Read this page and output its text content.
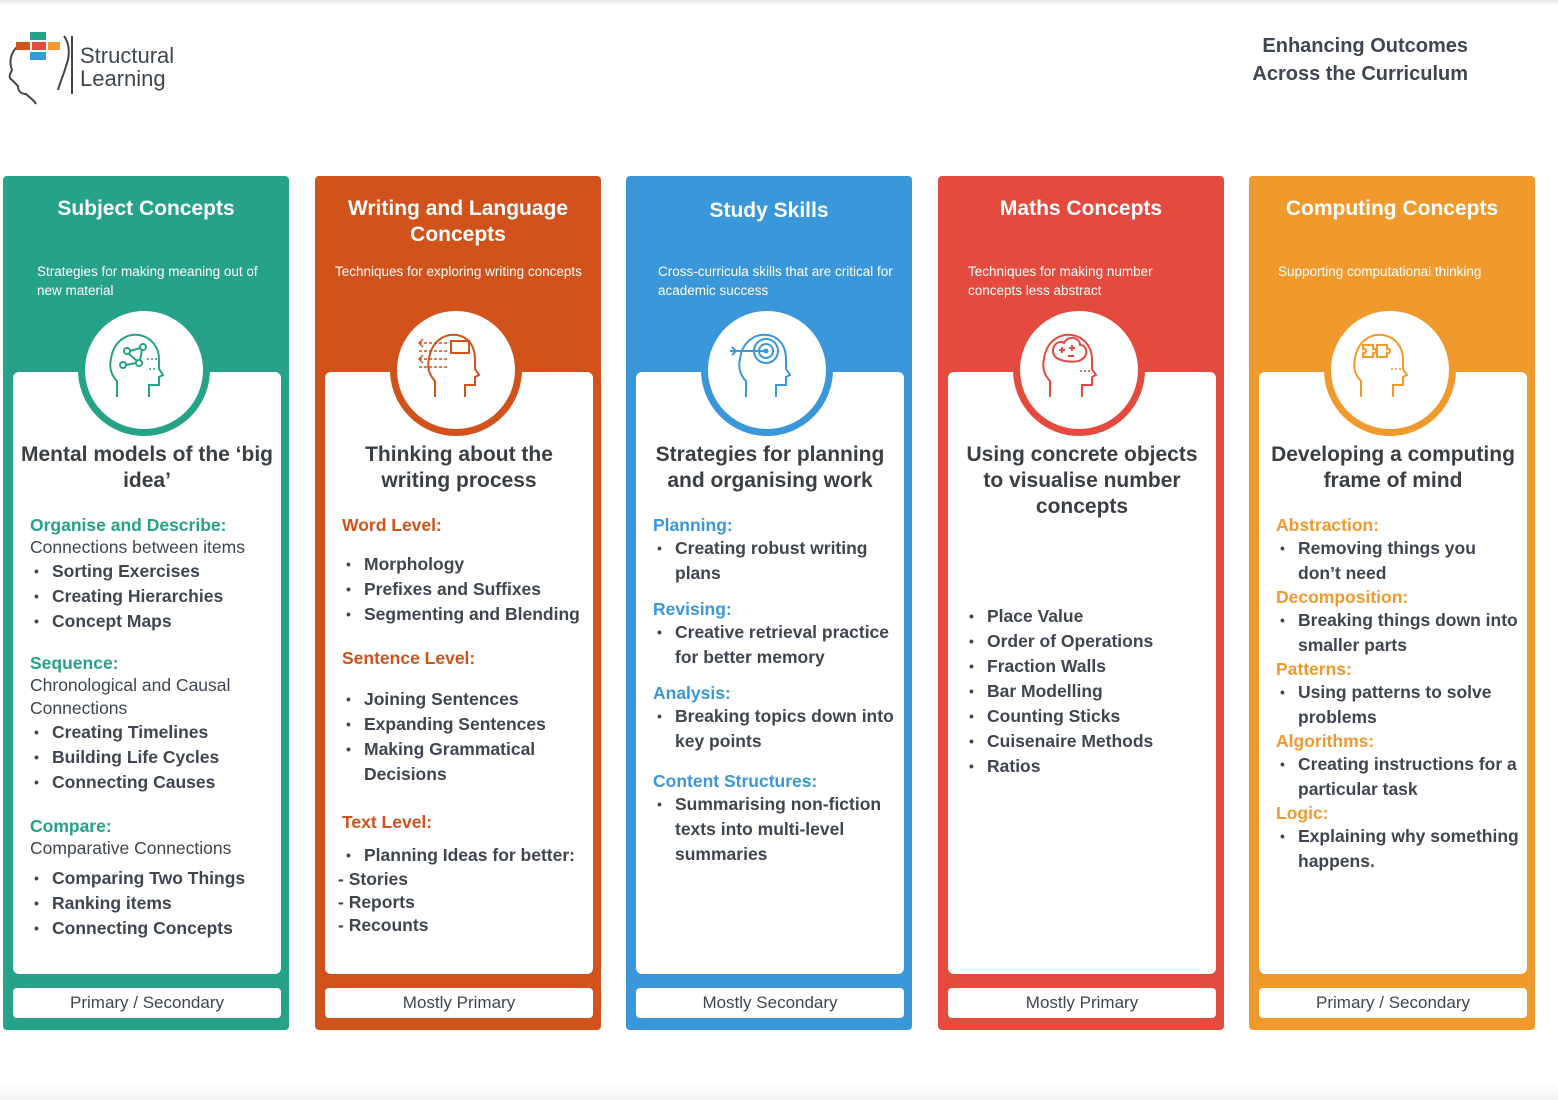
Structural
Learning
Enhancing Outcomes
Across the Curriculum
Subject Concepts
Strategies for making meaning out of new material
Mental models of the ‘big idea’
Organise and Describe:
Connections between items
• Sorting Exercises
• Creating Hierarchies
• Concept Maps
Sequence:
Chronological and Causal Connections
• Creating Timelines
• Building Life Cycles
• Connecting Causes
Compare:
Comparative Connections
• Comparing Two Things
• Ranking items
• Connecting Concepts
Primary / Secondary
Writing and Language Concepts
Techniques for exploring writing concepts
Thinking about the writing process
Word Level:
• Morphology
• Prefixes and Suffixes
• Segmenting and Blending
Sentence Level:
• Joining Sentences
• Expanding Sentences
• Making Grammatical Decisions
Text Level:
• Planning Ideas for better:
- Stories
- Reports
- Recounts
Mostly Primary
Study Skills
Cross-curricula skills that are critical for academic success
Strategies for planning and organising work
Planning:
• Creating robust writing plans
Revising:
• Creative retrieval practice for better memory
Analysis:
• Breaking topics down into key points
Content Structures:
• Summarising non-fiction texts into multi-level summaries
Mostly Secondary
Maths Concepts
Techniques for making number concepts less abstract
Using concrete objects to visualise number concepts
• Place Value
• Order of Operations
• Fraction Walls
• Bar Modelling
• Counting Sticks
• Cuisenaire Methods
• Ratios
Mostly Primary
Computing Concepts
Supporting computational thinking
Developing a computing frame of mind
Abstraction:
• Removing things you don’t need
Decomposition:
• Breaking things down into smaller parts
Patterns:
• Using patterns to solve problems
Algorithms:
• Creating instructions for a particular task
Logic:
• Explaining why something happens.
Primary / Secondary
